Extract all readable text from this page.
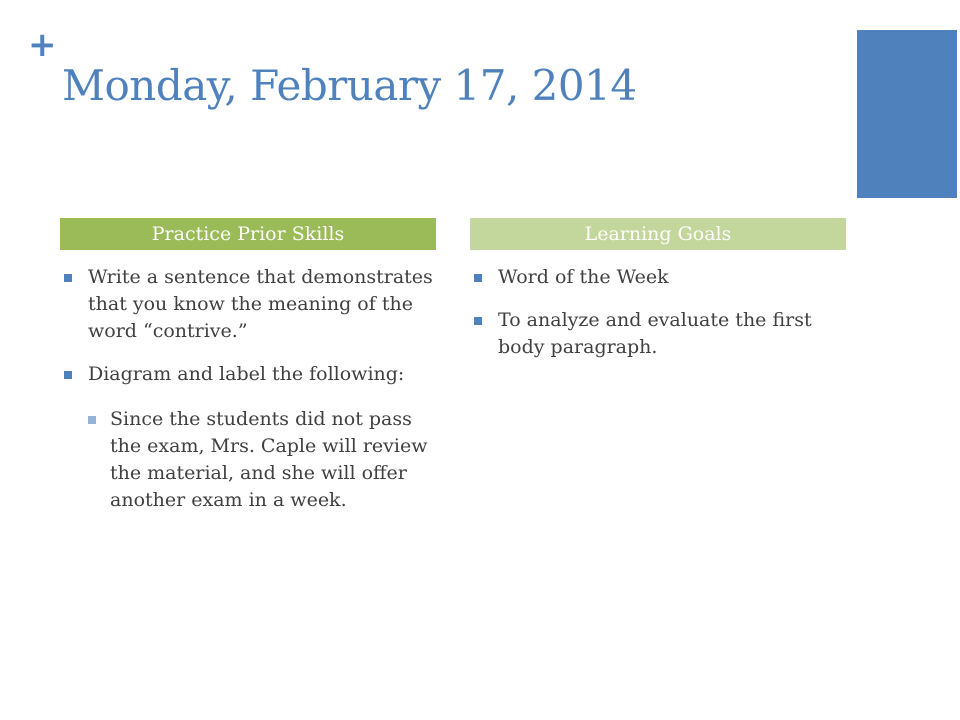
+
Monday, February 17, 2014
Practice Prior Skills	Learning Goals
Write a sentence that demonstrates that you know the meaning of the word “contrive.”
Diagram and label the following:
Since the students did not pass the exam, Mrs. Caple will review the material, and she will offer another exam in a week.
Word of the Week
To analyze and evaluate the first body paragraph.
